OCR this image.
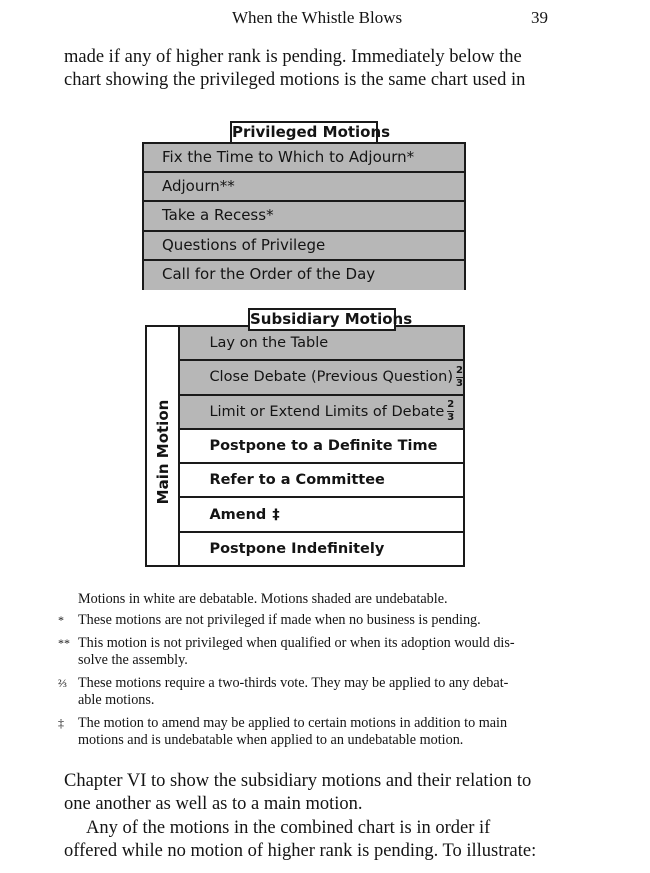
When the Whistle Blows	39

made if any of higher rank is pending. Immediately below the
chart showing the privileged motions is the same chart used in

Privileged Motions
Fix the Time to Which to Adjourn*
Adjourn**
Take a Recess*
Questions of Privilege
Call for the Order of the Day
Subsidiary Motions
Main Motion
Lay on the Table
Close Debate (Previous Question) $\frac{2}{3}$
Limit or Extend Limits of Debate $\frac{2}{3}$
Postpone to a Definite Time
Refer to a Committee
Amend ‡
Postpone Indefinitely
Motions in white are debatable. Motions shaded are undebatable.
* These motions are not privileged if made when no business is pending.
** This motion is not privileged when qualified or when its adoption would dis-
solve the assembly.
⅔ These motions require a two-thirds vote. They may be applied to any debat-
able motions.
‡ The motion to amend may be applied to certain motions in addition to main
motions and is undebatable when applied to an undebatable motion.

Chapter VI to show the subsidiary motions and their relation to
one another as well as to a main motion.

Any of the motions in the combined chart is in order if
offered while no motion of higher rank is pending. To illustrate:
